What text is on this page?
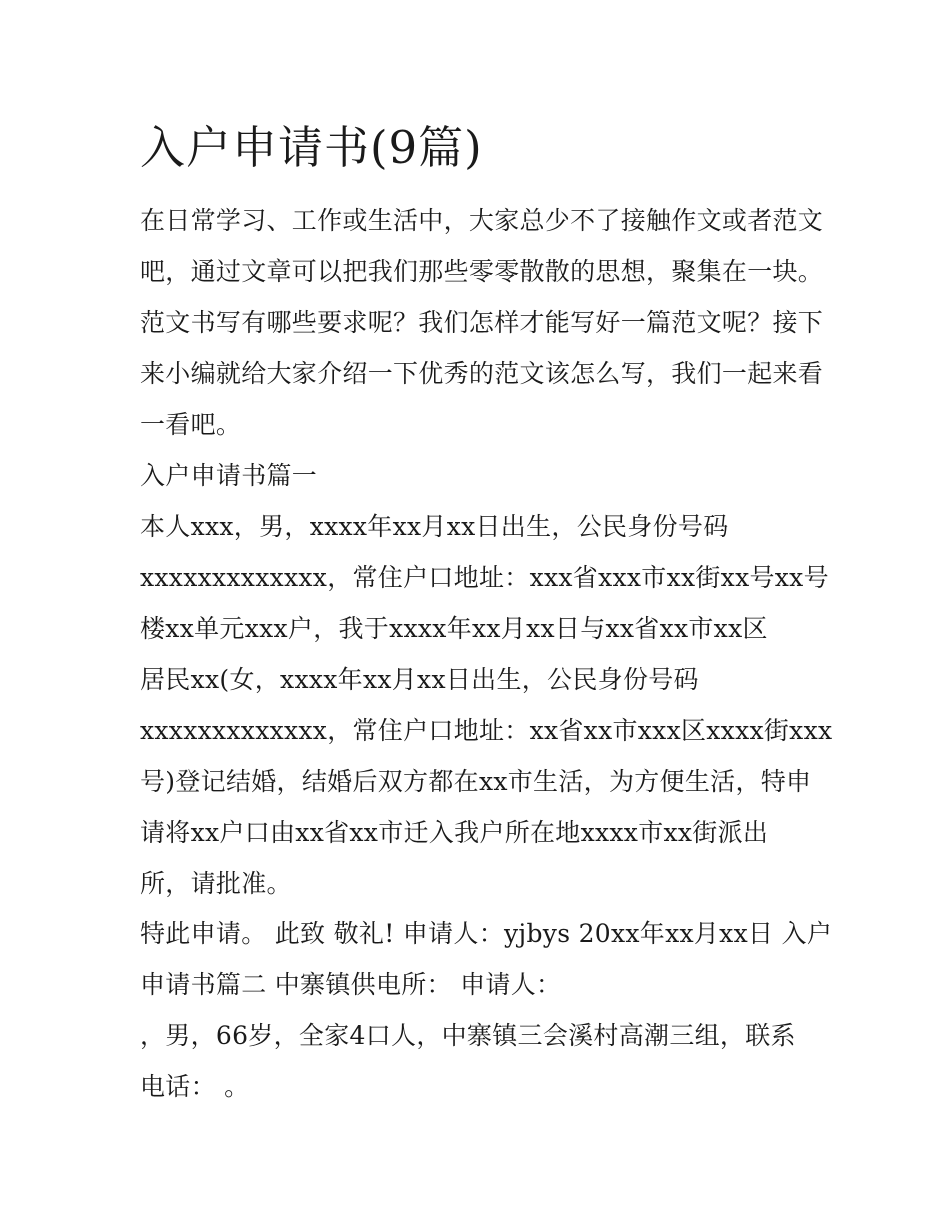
入户申请书(9篇)
在日常学习、工作或生活中，大家总少不了接触作文或者范文
吧，通过文章可以把我们那些零零散散的思想，聚集在一块。
范文书写有哪些要求呢？我们怎样才能写好一篇范文呢？接下
来小编就给大家介绍一下优秀的范文该怎么写，我们一起来看
一看吧。
入户申请书篇一
本人xxx，男，xxxx年xx月xx日出生，公民身份号码
xxxxxxxxxxxxx，常住户口地址：xxx省xxx市xx街xx号xx号
楼xx单元xxx户，我于xxxx年xx月xx日与xx省xx市xx区
居民xx(女，xxxx年xx月xx日出生，公民身份号码
xxxxxxxxxxxxx，常住户口地址：xx省xx市xxx区xxxx街xxx
号)登记结婚，结婚后双方都在xx市生活，为方便生活，特申
请将xx户口由xx省xx市迁入我户所在地xxxx市xx街派出
所，请批准。
特此申请。 此致 敬礼! 申请人：yjbys 20xx年xx月xx日 入户
申请书篇二 中寨镇供电所： 申请人：
，男，66岁，全家4口人，中寨镇三会溪村高潮三组，联系
电话： 。
